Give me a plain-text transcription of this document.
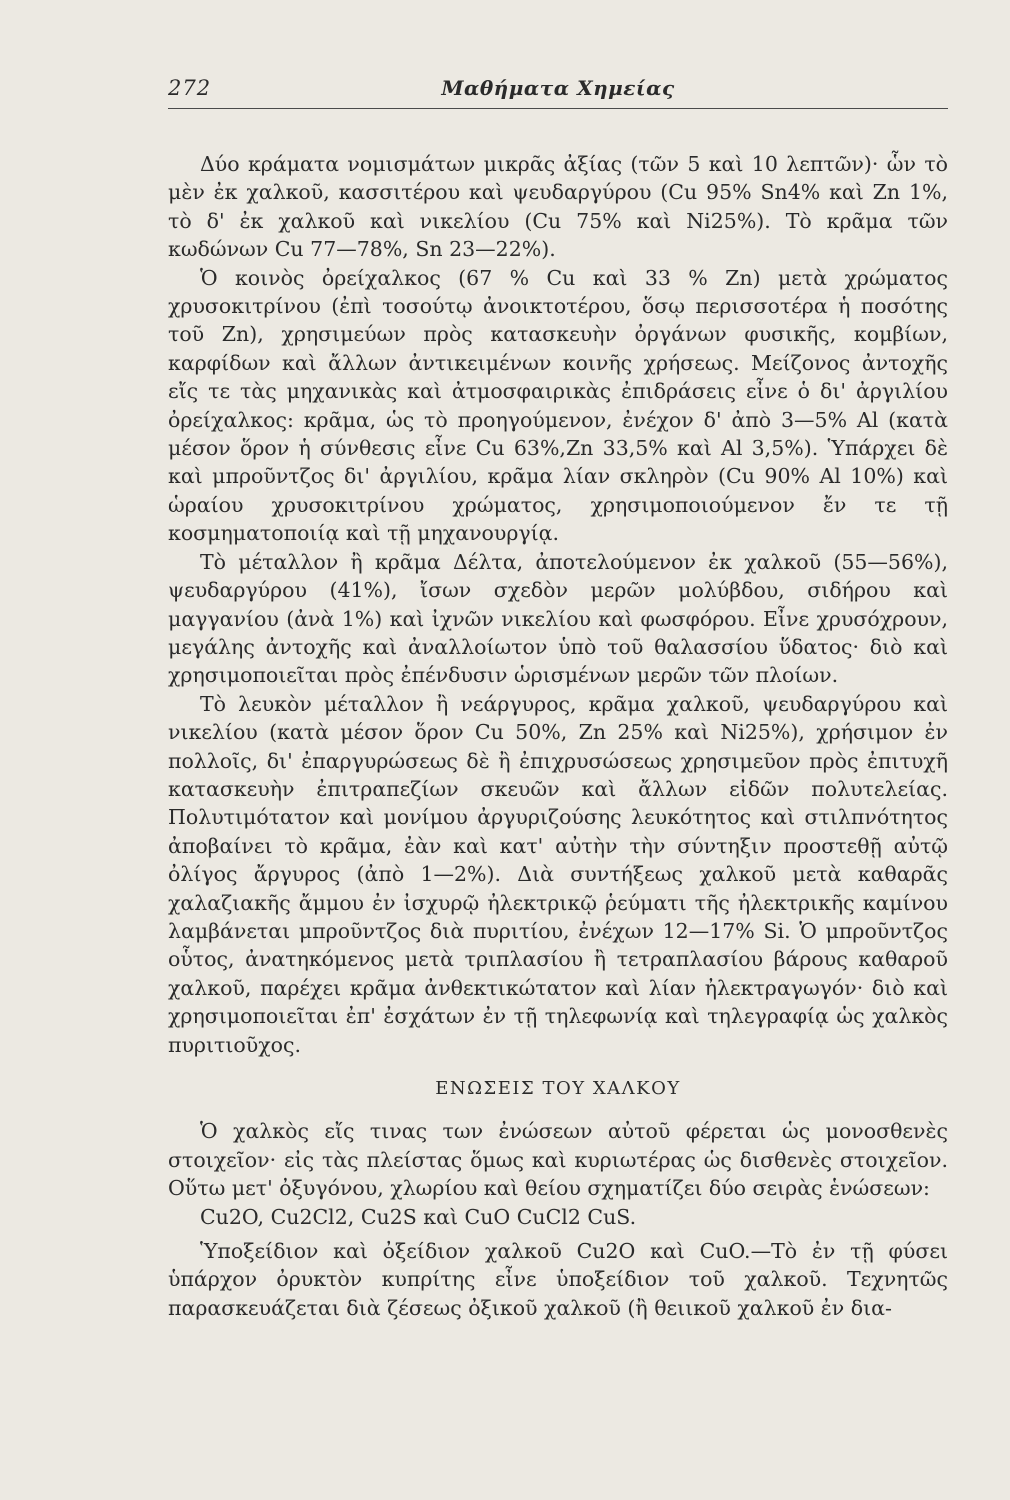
272	Μαθήματα Χημείας

Δύο κράματα νομισμάτων μικρᾶς ἀξίας (τῶν 5 καὶ 10 λεπτῶν)· ὧν τὸ μὲν ἐκ χαλκοῦ, κασσιτέρου καὶ ψευδαργύρου (Cu 95% Sn4% καὶ Zn 1%, τὸ δ' ἐκ χαλκοῦ καὶ νικελίου (Cu 75% καὶ Ni25%). Τὸ κρᾶμα τῶν κωδώνων Cu 77—78%, Sn 23—22%).

Ὁ κοινὸς ὀρείχαλκος (67 % Cu καὶ 33 % Zn) μετὰ χρώματος χρυσοκιτρίνου (ἐπὶ τοσούτῳ ἀνοικτοτέρου, ὅσῳ περισσοτέρα ἡ ποσότης τοῦ Zn), χρησιμεύων πρὸς κατασκευὴν ὀργάνων φυσικῆς, κομβίων, καρφίδων καὶ ἄλλων ἀντικειμένων κοινῆς χρήσεως. Μείζονος ἀντοχῆς εἴς τε τὰς μηχανικὰς καὶ ἀτμοσφαιρικὰς ἐπιδράσεις εἶνε ὁ δι' ἀργιλίου ὀρείχαλκος: κρᾶμα, ὡς τὸ προηγούμενον, ἐνέχον δ' ἀπὸ 3—5% Al (κατὰ μέσον ὅρον ἡ σύνθεσις εἶνε Cu 63%,Zn 33,5% καὶ Al 3,5%). Ὑπάρχει δὲ καὶ μπρoῦντζος δι' ἀργιλίου, κρᾶμα λίαν σκληρὸν (Cu 90% Al 10%) καὶ ὡραίου χρυσοκιτρίνου χρώματος, χρησιμοποιούμενον ἔν τε τῇ κοσμηματοποιίᾳ καὶ τῇ μηχανουργίᾳ.

Τὸ μέταλλον ἢ κρᾶμα Δέλτα, ἀποτελούμενον ἐκ χαλκοῦ (55—56%), ψευδαργύρου (41%), ἴσων σχεδὸν μερῶν μολύβδου, σιδήρου καὶ μαγγανίου (ἀνὰ 1%) καὶ ἰχνῶν νικελίου καὶ φωσφόρου. Εἶνε χρυσόχρουν, μεγάλης ἀντοχῆς καὶ ἀναλλοίωτον ὑπὸ τοῦ θαλασσίου ὕδατος· διὸ καὶ χρησιμοποιεῖται πρὸς ἐπένδυσιν ὡρισμένων μερῶν τῶν πλοίων.

Τὸ λευκὸν μέταλλον ἢ νεάργυρος, κρᾶμα χαλκοῦ, ψευδαργύρου καὶ νικελίου (κατὰ μέσον ὅρον Cu 50%, Zn 25% καὶ Ni25%), χρήσιμον ἐν πολλοῖς, δι' ἐπαργυρώσεως δὲ ἢ ἐπιχρυσώσεως χρησιμεῦον πρὸς ἐπιτυχῆ κατασκευὴν ἐπιτραπεζίων σκευῶν καὶ ἄλλων εἰδῶν πολυτελείας. Πολυτιμότατον καὶ μονίμου ἀργυριζούσης λευκότητος καὶ στιλπνότητος ἀποβαίνει τὸ κρᾶμα, ἐὰν καὶ κατ' αὐτὴν τὴν σύντηξιν προστεθῇ αὐτῷ ὀλίγος ἄργυρος (ἀπὸ 1—2%). Διὰ συντήξεως χαλκοῦ μετὰ καθαρᾶς χαλαζιακῆς ἄμμου ἐν ἰσχυρῷ ἠλεκτρικῷ ῥεύματι τῆς ἠλεκτρικῆς καμίνου λαμβάνεται μπρoῦντζος διὰ πυριτίου, ἐνέχων 12—17% Si. Ὁ μπρoῦντζος οὗτος, ἀνατηκόμενος μετὰ τριπλασίου ἢ τετραπλασίου βάρους καθαροῦ χαλκοῦ, παρέχει κρᾶμα ἀνθεκτικώτατον καὶ λίαν ἠλεκτραγωγόν· διὸ καὶ χρησιμοποιεῖται ἐπ' ἐσχάτων ἐν τῇ τηλεφωνίᾳ καὶ τηλεγραφίᾳ ὡς χαλκὸς πυριτιοῦχος.

ΕΝΩΣΕΙΣ ΤΟΥ ΧΑΛΚΟΥ

Ὁ χαλκὸς εἴς τινας των ἐνώσεων αὐτοῦ φέρεται ὡς μονοσθενὲς στοιχεῖον· εἰς τὰς πλείστας ὅμως καὶ κυριωτέρας ὡς δισθενὲς στοιχεῖον. Οὕτω μετ' ὀξυγόνου, χλωρίου καὶ θείου σχηματίζει δύο σειρὰς ἑνώσεων:

Cu2O, Cu2Cl2, Cu2S καὶ CuO CuCl2 CuS.

Ὑποξείδιον καὶ ὀξείδιον χαλκοῦ Cu2O καὶ CuO.—Τὸ ἐν τῇ φύσει ὑπάρχον ὀρυκτὸν κυπρίτης εἶνε ὑποξείδιον τοῦ χαλκοῦ. Τεχνητῶς παρασκευάζεται διὰ ζέσεως ὀξικοῦ χαλκοῦ (ἢ θειικοῦ χαλκοῦ ἐν δια-
